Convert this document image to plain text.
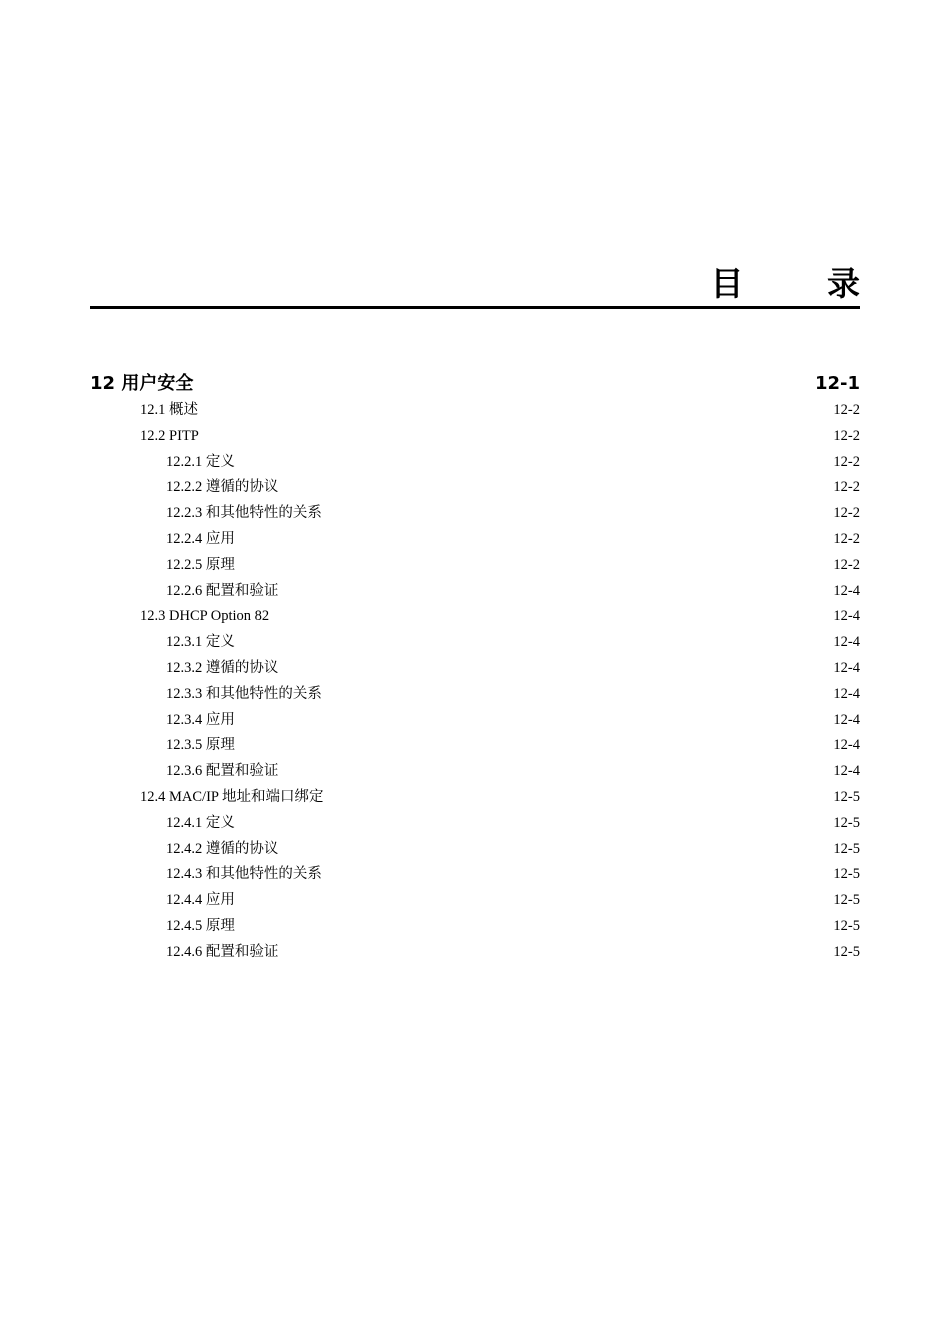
目 录
12 用户安全	12-1
12.1 概述	12-2
12.2 PITP	12-2
12.2.1 定义	12-2
12.2.2 遵循的协议	12-2
12.2.3 和其他特性的关系	12-2
12.2.4 应用	12-2
12.2.5 原理	12-2
12.2.6 配置和验证	12-4
12.3 DHCP Option 82	12-4
12.3.1 定义	12-4
12.3.2 遵循的协议	12-4
12.3.3 和其他特性的关系	12-4
12.3.4 应用	12-4
12.3.5 原理	12-4
12.3.6 配置和验证	12-4
12.4 MAC/IP 地址和端口绑定	12-5
12.4.1 定义	12-5
12.4.2 遵循的协议	12-5
12.4.3 和其他特性的关系	12-5
12.4.4 应用	12-5
12.4.5 原理	12-5
12.4.6 配置和验证	12-5
